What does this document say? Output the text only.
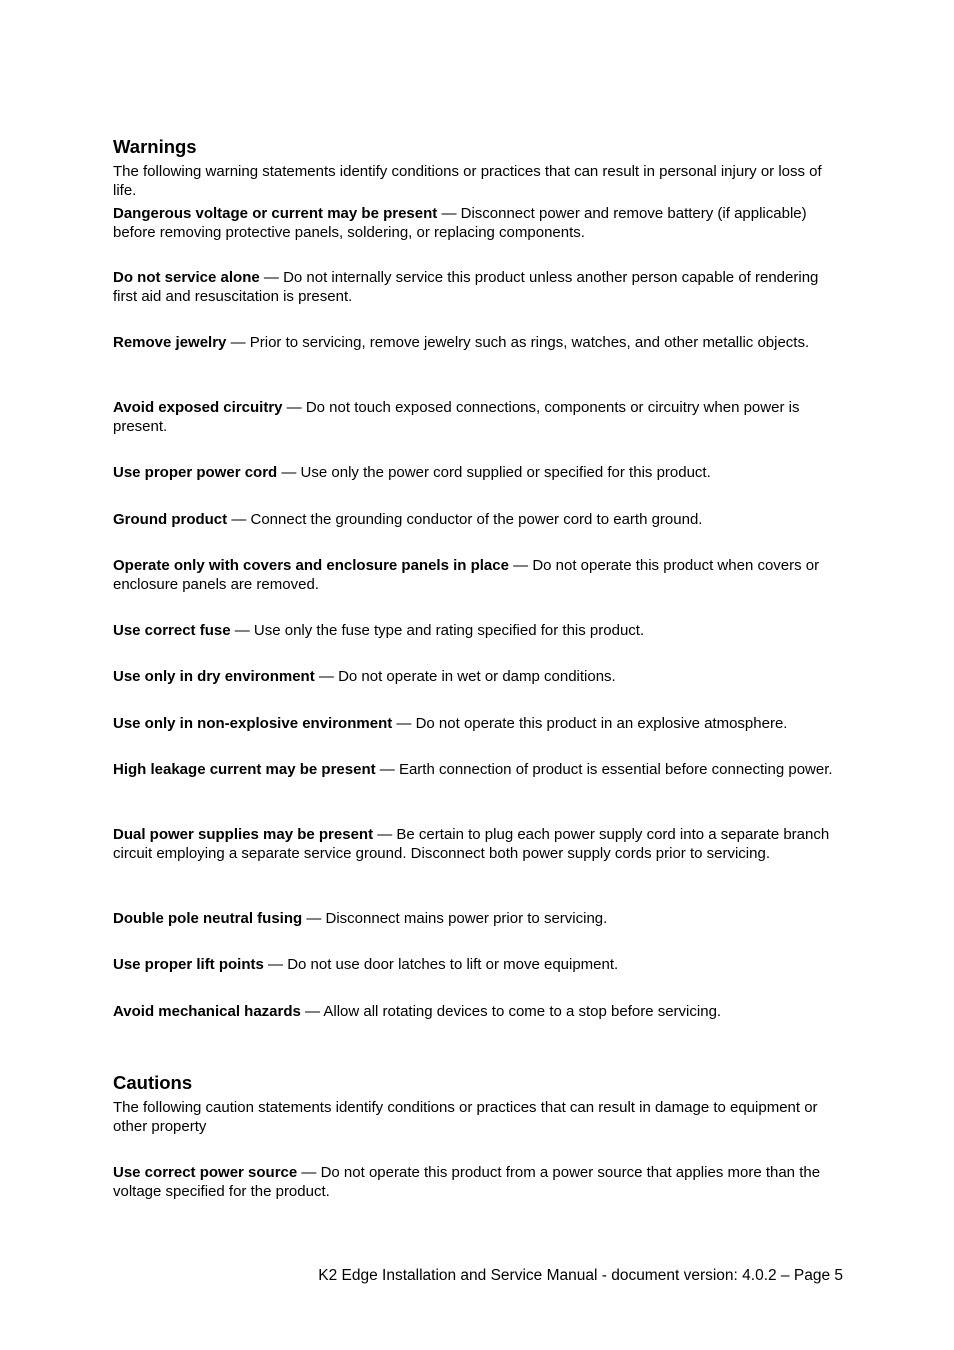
Warnings

The following warning statements identify conditions or practices that can result in personal injury or loss of life.

Dangerous voltage or current may be present — Disconnect power and remove battery (if applicable) before removing protective panels, soldering, or replacing components.

Do not service alone — Do not internally service this product unless another person capable of rendering first aid and resuscitation is present.

Remove jewelry — Prior to servicing, remove jewelry such as rings, watches, and other metallic objects.

Avoid exposed circuitry — Do not touch exposed connections, components or circuitry when power is present.

Use proper power cord — Use only the power cord supplied or specified for this product.

Ground product — Connect the grounding conductor of the power cord to earth ground.

Operate only with covers and enclosure panels in place — Do not operate this product when covers or enclosure panels are removed.

Use correct fuse — Use only the fuse type and rating specified for this product.

Use only in dry environment — Do not operate in wet or damp conditions.

Use only in non-explosive environment — Do not operate this product in an explosive atmosphere.

High leakage current may be present — Earth connection of product is essential before connecting power.

Dual power supplies may be present — Be certain to plug each power supply cord into a separate branch circuit employing a separate service ground. Disconnect both power supply cords prior to servicing.

Double pole neutral fusing — Disconnect mains power prior to servicing.

Use proper lift points — Do not use door latches to lift or move equipment.

Avoid mechanical hazards — Allow all rotating devices to come to a stop before servicing.

Cautions

The following caution statements identify conditions or practices that can result in damage to equipment or other property

Use correct power source — Do not operate this product from a power source that applies more than the voltage specified for the product.

K2 Edge Installation and Service Manual - document version: 4.0.2 – Page 5
